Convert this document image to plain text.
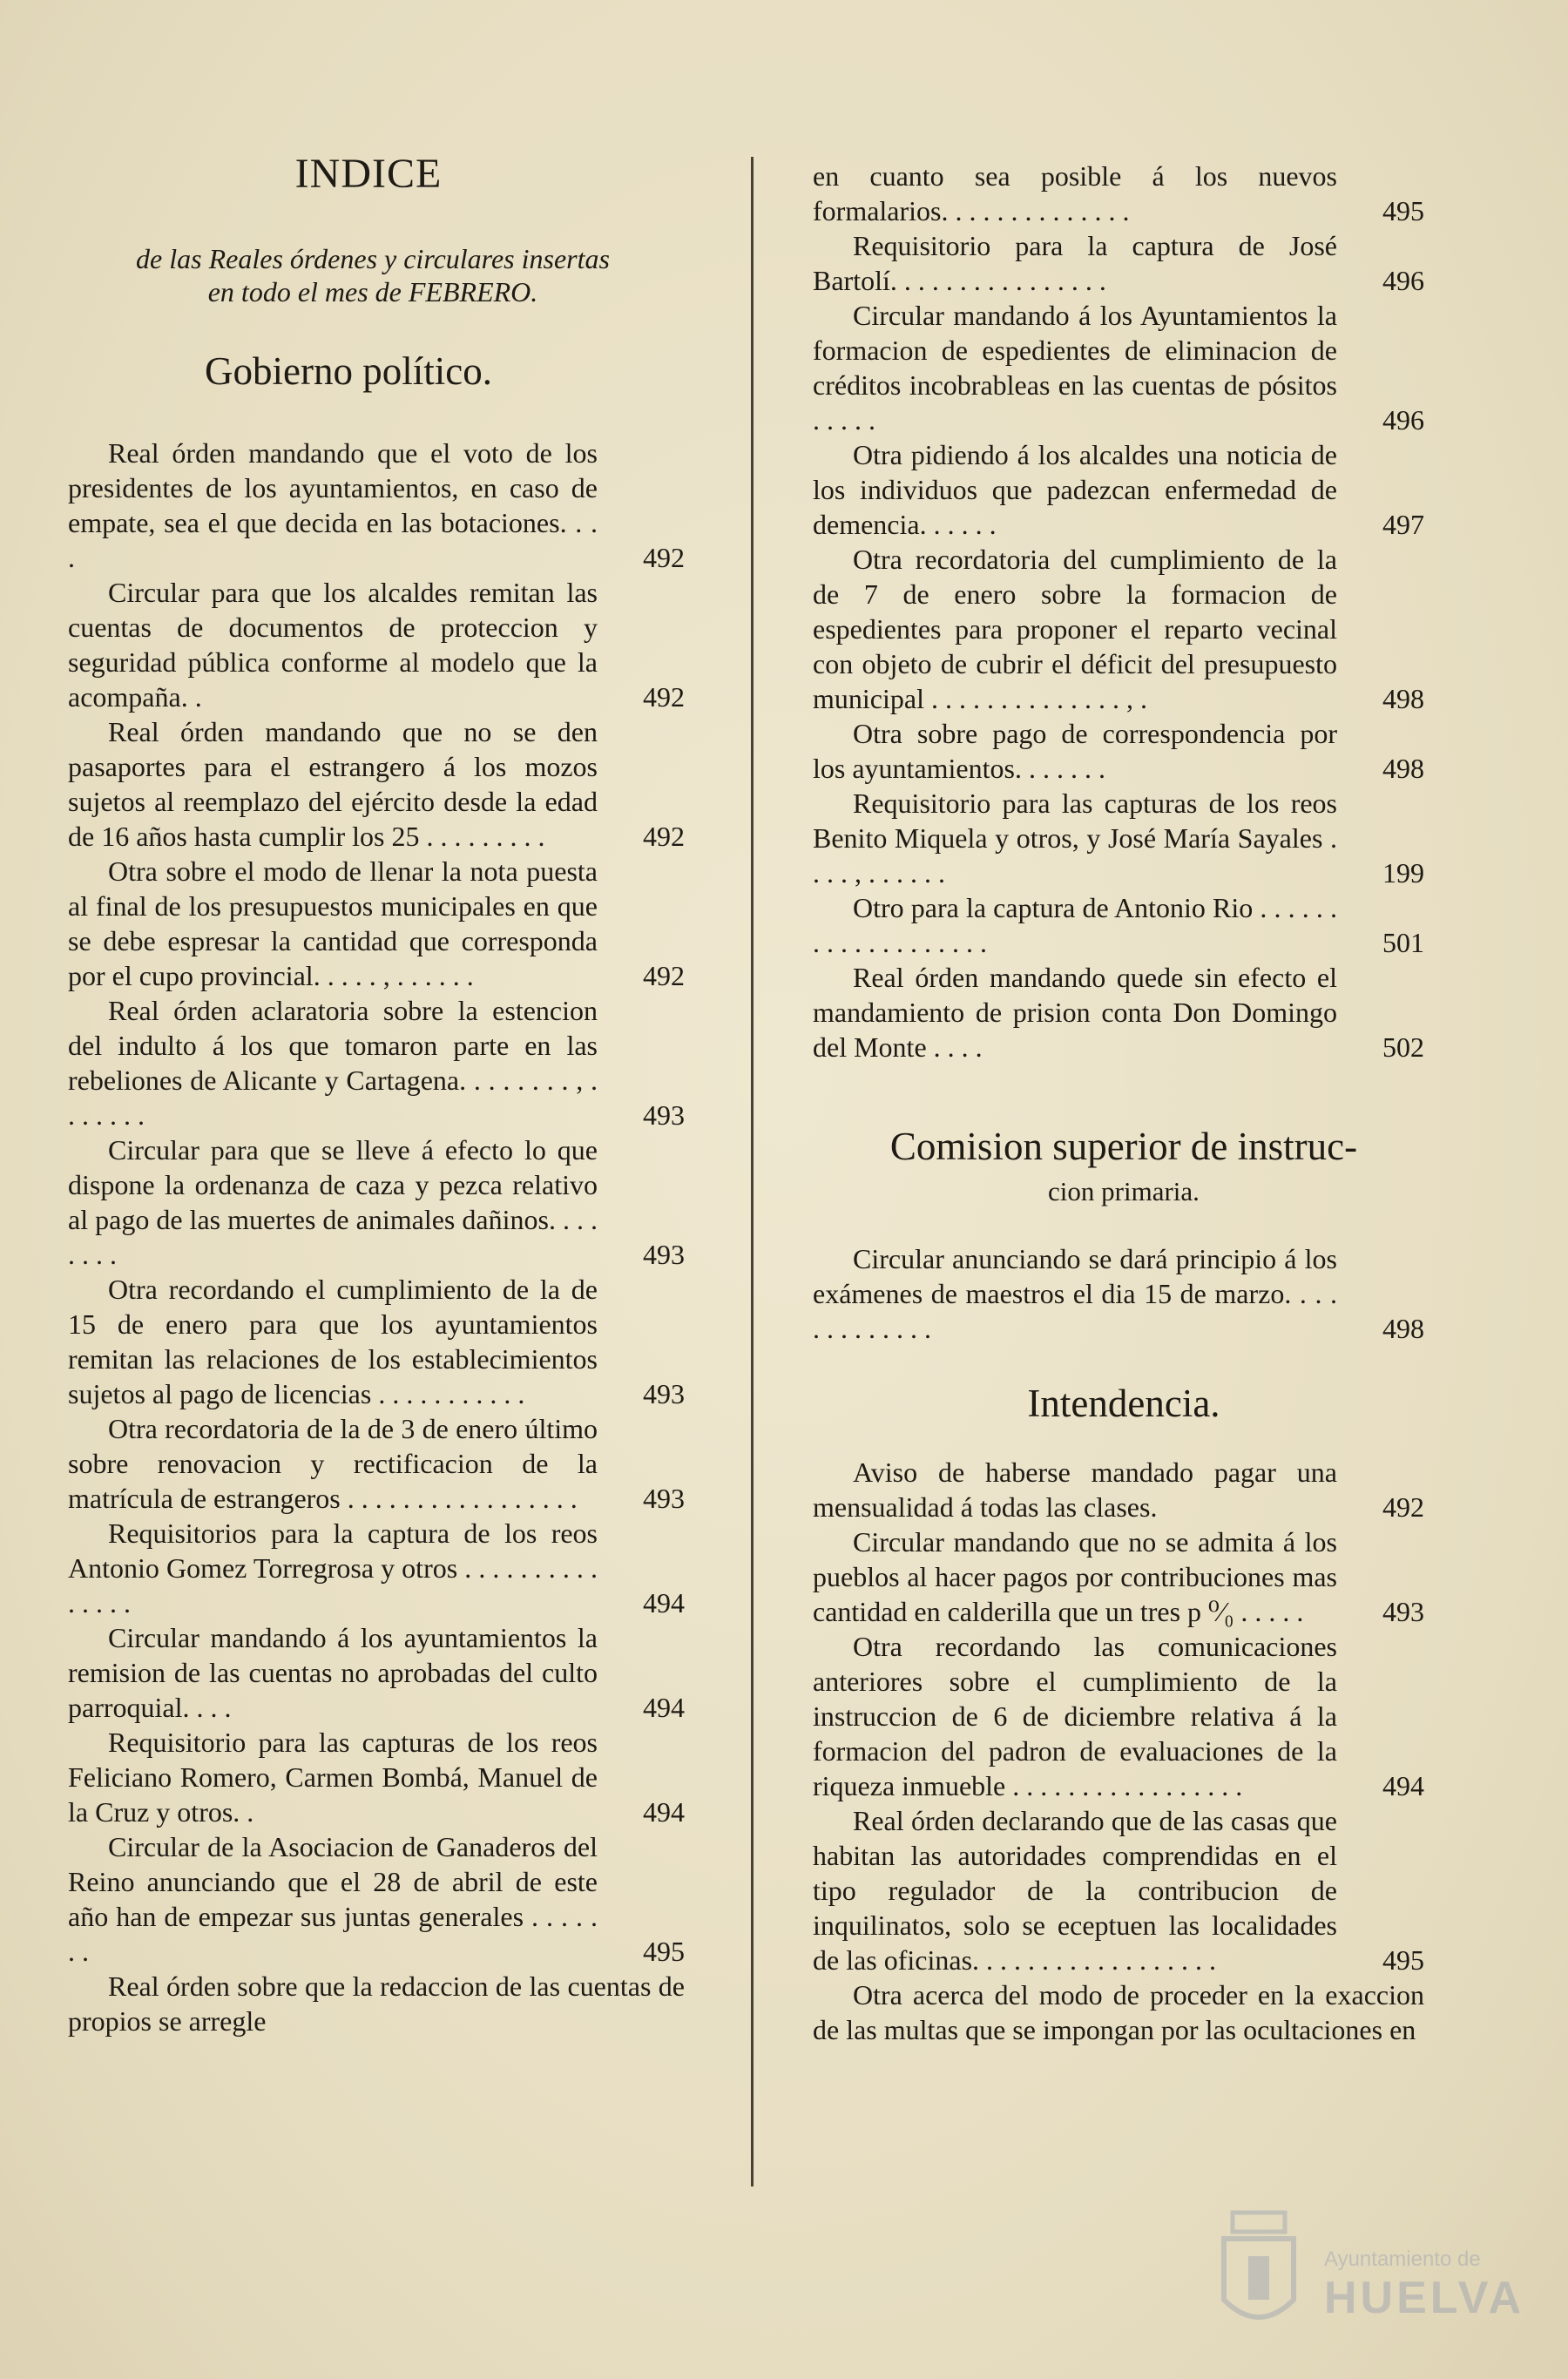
INDICE
de las Reales órdenes y circulares insertas
en todo el mes de FEBRERO.
Gobierno político.
Real órden mandando que el voto de los presidentes de los ayuntamientos, en caso de empate, sea el que decida en las botaciones. . . .	492
Circular para que los alcaldes remitan las cuentas de documentos de proteccion y seguridad pública conforme al modelo que la acompaña. .	492
Real órden mandando que no se den pasaportes para el estrangero á los mozos sujetos al reemplazo del ejército desde la edad de 16 años hasta cumplir los 25 . . . . . . . . .	492
Otra sobre el modo de llenar la nota puesta al final de los presupuestos municipales en que se debe espresar la cantidad que corresponda por el cupo provincial. . . . . , . . . . . .	492
Real órden aclaratoria sobre la estencion del indulto á los que tomaron parte en las rebeliones de Alicante y Cartagena. . . . . . . . , . . . . . . .	493
Circular para que se lleve á efecto lo que dispone la ordenanza de caza y pezca relativo al pago de las muertes de animales dañinos. . . . . . . .	493
Otra recordando el cumplimiento de la de 15 de enero para que los ayuntamientos remitan las relaciones de los establecimientos sujetos al pago de licencias . . . . . . . . . . .	493
Otra recordatoria de la de 3 de enero último sobre renovacion y rectificacion de la matrícula de estrangeros . . . . . . . . . . . . . . . . .	493
Requisitorios para la captura de los reos Antonio Gomez Torregrosa y otros . . . . . . . . . . . . . . .	494
Circular mandando á los ayuntamientos la remision de las cuentas no aprobadas del culto parroquial. . . .	494
Requisitorio para las capturas de los reos Feliciano Romero, Carmen Bombá, Manuel de la Cruz y otros. .	494
Circular de la Asociacion de Ganaderos del Reino anunciando que el 28 de abril de este año han de empezar sus juntas generales . . . . . . .	495
Real órden sobre que la redaccion de las cuentas de propios se arregle
en cuanto sea posible á los nuevos formalarios. . . . . . . . . . . . . .	495
Requisitorio para la captura de José Bartolí. . . . . . . . . . . . . . . .	496
Circular mandando á los Ayuntamientos la formacion de espedientes de eliminacion de créditos incobrableas en las cuentas de pósitos . . . . .	496
Otra pidiendo á los alcaldes una noticia de los individuos que padezcan enfermedad de demencia. . . . . .	497
Otra recordatoria del cumplimiento de la de 7 de enero sobre la formacion de espedientes para proponer el reparto vecinal con objeto de cubrir el déficit del presupuesto municipal . . . . . . . . . . . . . . , .	498
Otra sobre pago de correspondencia por los ayuntamientos. . . . . . .	498
Requisitorio para las capturas de los reos Benito Miquela y otros, y José María Sayales . . . . , . . . . . .	199
Otro para la captura de Antonio Rio . . . . . . . . . . . . . . . . . . .	501
Real órden mandando quede sin efecto el mandamiento de prision conta Don Domingo del Monte . . . .	502
Comision superior de instruc-
cion primaria.
Circular anunciando se dará principio á los exámenes de maestros el dia 15 de marzo. . . . . . . . . . . . .	498
Intendencia.
Aviso de haberse mandado pagar una mensualidad á todas las clases.	492
Circular mandando que no se admita á los pueblos al hacer pagos por contribuciones mas cantidad en calderilla que un tres p ⁰⁄₀ . . . . .	493
Otra recordando las comunicaciones anteriores sobre el cumplimiento de la instruccion de 6 de diciembre relativa á la formacion del padron de evaluaciones de la riqueza inmueble . . . . . . . . . . . . . . . . .	494
Real órden declarando que de las casas que habitan las autoridades comprendidas en el tipo regulador de la contribucion de inquilinatos, solo se eceptuen las localidades de las oficinas. . . . . . . . . . . . . . . . . .	495
Otra acerca del modo de proceder en la exaccion de las multas que se impongan por las ocultaciones en
Ayuntamiento de
HUELVA
